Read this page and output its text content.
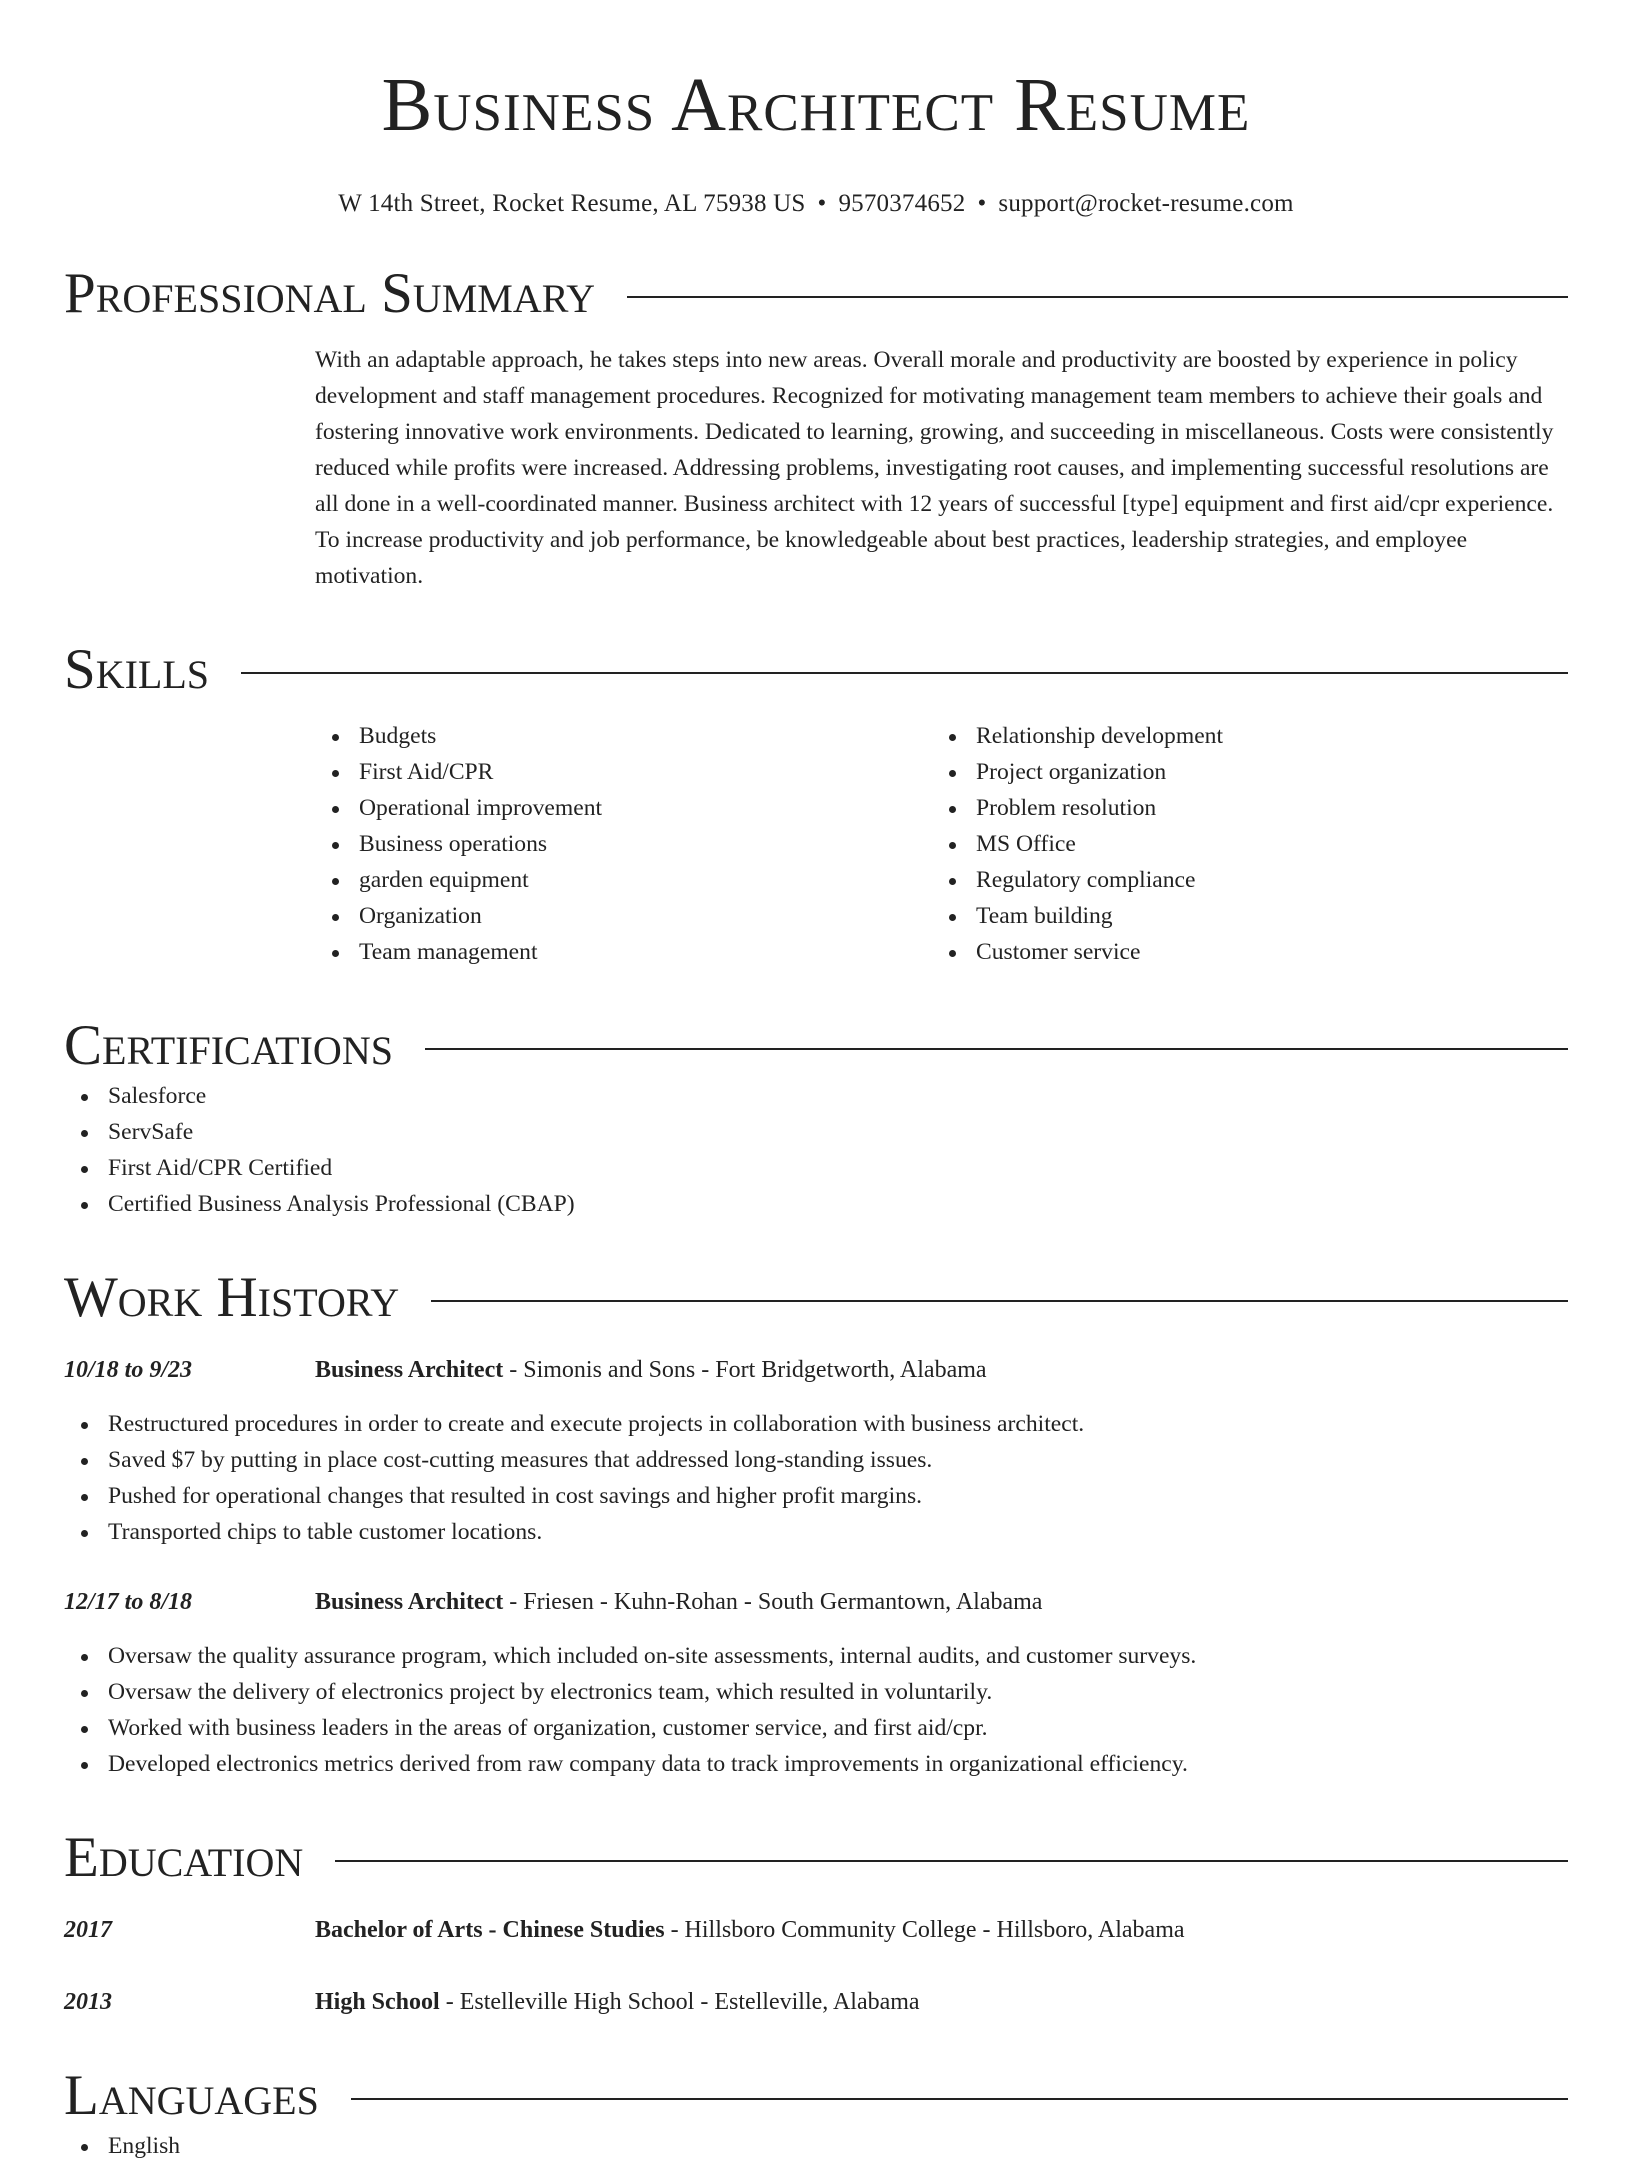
Business Architect Resume
W 14th Street, Rocket Resume, AL 75938 US • 9570374652 • support@rocket-resume.com
Professional Summary
With an adaptable approach, he takes steps into new areas. Overall morale and productivity are boosted by experience in policy development and staff management procedures. Recognized for motivating management team members to achieve their goals and fostering innovative work environments. Dedicated to learning, growing, and succeeding in miscellaneous. Costs were consistently reduced while profits were increased. Addressing problems, investigating root causes, and implementing successful resolutions are all done in a well-coordinated manner. Business architect with 12 years of successful [type] equipment and first aid/cpr experience. To increase productivity and job performance, be knowledgeable about best practices, leadership strategies, and employee motivation.
Skills
Budgets
First Aid/CPR
Operational improvement
Business operations
garden equipment
Organization
Team management
Relationship development
Project organization
Problem resolution
MS Office
Regulatory compliance
Team building
Customer service
Certifications
Salesforce
ServSafe
First Aid/CPR Certified
Certified Business Analysis Professional (CBAP)
Work History
10/18 to 9/23	Business Architect - Simonis and Sons - Fort Bridgetworth, Alabama
Restructured procedures in order to create and execute projects in collaboration with business architect.
Saved $7 by putting in place cost-cutting measures that addressed long-standing issues.
Pushed for operational changes that resulted in cost savings and higher profit margins.
Transported chips to table customer locations.
12/17 to 8/18	Business Architect - Friesen - Kuhn-Rohan - South Germantown, Alabama
Oversaw the quality assurance program, which included on-site assessments, internal audits, and customer surveys.
Oversaw the delivery of electronics project by electronics team, which resulted in voluntarily.
Worked with business leaders in the areas of organization, customer service, and first aid/cpr.
Developed electronics metrics derived from raw company data to track improvements in organizational efficiency.
Education
2017	Bachelor of Arts - Chinese Studies - Hillsboro Community College - Hillsboro, Alabama
2013	High School - Estelleville High School - Estelleville, Alabama
Languages
English
